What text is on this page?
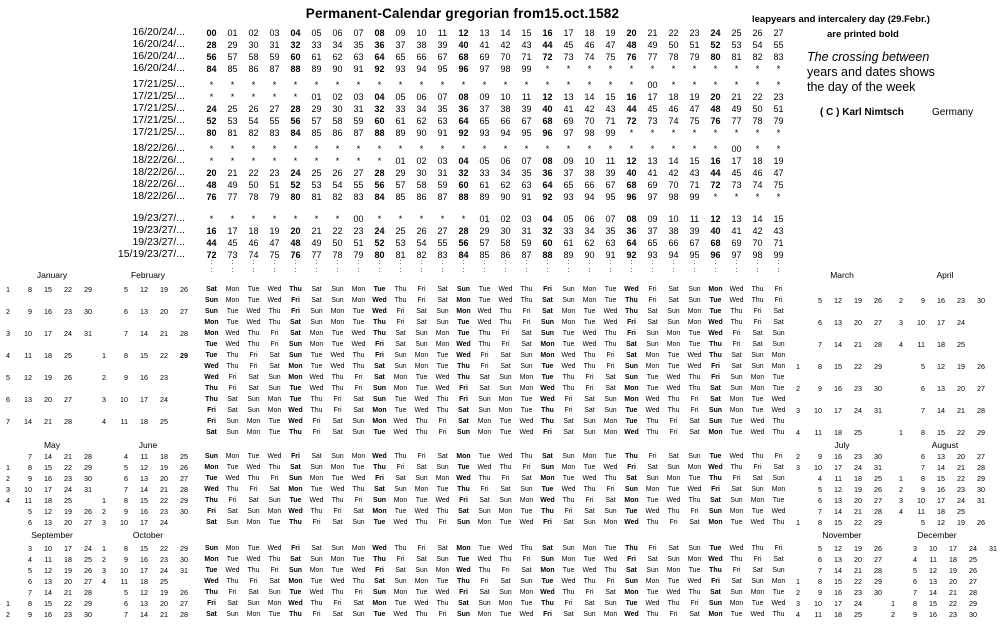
Permanent-Calendar gregorian from15.oct.1582	leapyears and intercalery day (29.Febr.)
are printed bold
The crossing between
years and dates shows
the day of the week
( C ) Karl Nimtsch	Germany
16/20/24/...	00	01	02	03	04	05	06	07	08	09	10	11	12	13	14	15	16	17	18	19	20	21	22	23	24	25	26	27
16/20/24/...	28	29	30	31	32	33	34	35	36	37	38	39	40	41	42	43	44	45	46	47	48	49	50	51	52	53	54	55
16/20/24/...	56	57	58	59	60	61	62	63	64	65	66	67	68	69	70	71	72	73	74	75	76	77	78	79	80	81	82	83
16/20/24/...	84	85	86	87	88	89	90	91	92	93	94	95	96	97	98	99	*	*	*	*	*	*	*	*	*	*	*	*
17/21/25/...	*	*	*	*	*	*	*	*	*	*	*	*	*	*	*	*	*	*	*	*	*	00	*	*	*	*	*	*
17/21/25/...	*	*	*	*	*	01	02	03	04	05	06	07	08	09	10	11	12	13	14	15	16	17	18	19	20	21	22	23
17/21/25/...	24	25	26	27	28	29	30	31	32	33	34	35	36	37	38	39	40	41	42	43	44	45	46	47	48	49	50	51
17/21/25/...	52	53	54	55	56	57	58	59	60	61	62	63	64	65	66	67	68	69	70	71	72	73	74	75	76	77	78	79
17/21/25/...	80	81	82	83	84	85	86	87	88	89	90	91	92	93	94	95	96	97	98	99	*	*	*	*	*	*	*	*
18/22/26/...	*	*	*	*	*	*	*	*	*	*	*	*	*	*	*	*	*	*	*	*	*	*	*	*	*	00	*	*
18/22/26/...	*	*	*	*	*	*	*	*	*	01	02	03	04	05	06	07	08	09	10	11	12	13	14	15	16	17	18	19
18/22/26/...	20	21	22	23	24	25	26	27	28	29	30	31	32	33	34	35	36	37	38	39	40	41	42	43	44	45	46	47
18/22/26/...	48	49	50	51	52	53	54	55	56	57	58	59	60	61	62	63	64	65	66	67	68	69	70	71	72	73	74	75
18/22/26/...	76	77	78	79	80	81	82	83	84	85	86	87	88	89	90	91	92	93	94	95	96	97	98	99	*	*	*	*
19/23/27/...	*	*	*	*	*	*	*	00	*	*	*	*	*	01	02	03	04	05	06	07	08	09	10	11	12	13	14	15
19/23/27/...	16	17	18	19	20	21	22	23	24	25	26	27	28	29	30	31	32	33	34	35	36	37	38	39	40	41	42	43
19/23/27/...	44	45	46	47	48	49	50	51	52	53	54	55	56	57	58	59	60	61	62	63	64	65	66	67	68	69	70	71
15/19/23/27/...	72	73	74	75	76	77	78	79	80	81	82	83	84	85	86	87	88	89	90	91	92	93	94	95	96	97	98	99
:	:	:	:	:	:	:	:	:	:	:	:	:	:	:	:	:	:	:	:	:	:	:	:	:	:	:	:
:	:	:	:	:	:	:	:	:	:	:	:	:	:	:	:	:	:	:	:	:	:	:	:	:	:	:	:
Sat	Mon	Tue	Wed	Thu	Sat	Sun	Mon	Tue	Thu	Fri	Sat	Sun	Tue	Wed	Thu	Fri	Sun	Mon	Tue	Wed	Fri	Sat	Sun	Mon Wed	Thu	Fri
Sun	Mon	Tue	Wed	Fri	Sat	Sun	Mon	Wed	Thu	Fri	Sat	Mon	Tue	Wed	Thu	Sat	Sun	Mon	Tue	Thu	Fri	Sat	Sun	Tue	Wed	Thu	Fri
Sun	Tue	Wed	Thu	Fri	Sun	Mon	Tue	Wed	Fri	Sat	Sun	Mon Wed	Thu	Fri	Sat	Mon	Tue	Wed	Thu	Sat	Sun	Mon	Tue	Thu	Fri	Sat
Mon	Tue	Wed	Thu	Sat	Sun	Mon	Tue	Thu	Fri	Sat	Sun	Tue	Wed	Thu	Fri	Sun	Mon	Tue	Wed	Fri	Sat	Sun	Mon	Wed	Thu	Fri	Sat
Mon Wed	Thu	Fri	Sat	Mon	Tue	Wed	Thu	Sat	Sun	Mon	Tue	Thu	Fri	Sat	Sun	Tue	Wed	Thu	Fri	Sun	Mon	Tue	Wed	Fri	Sat	Sun
Tue	Wed	Thu	Fri	Sun	Mon	Tue	Wed	Fri	Sat	Sun	Mon	Wed	Thu	Fri	Sat	Mon	Tue	Wed	Thu	Sat	Sun	Mon	Tue	Thu	Fri	Sat	Sun
Tue	Thu	Fri	Sat	Sun	Tue	Wed	Thu	Fri	Sun	Mon	Tue	Wed	Fri	Sat	Sun	Mon Wed	Thu	Fri	Sat	Mon	Tue	Wed	Thu	Sat	Sun	Mon
Wed	Thu	Fri	Sat	Mon	Tue	Wed	Thu	Sat	Sun	Mon	Tue	Thu	Fri	Sat	Sun	Tue	Wed	Thu	Fri	Sun	Mon	Tue	Wed	Fri	Sat	Sun	Mon
Wed	Fri	Sat	Sun	Mon Wed	Thu	Fri	Sat	Mon	Tue	Wed	Thu	Sat	Sun	Mon	Tue	Thu	Fri	Sat	Sun	Tue	Wed	Thu	Fri	Sun	Mon	Tue
Thu	Fri	Sat	Sun	Tue	Wed	Thu	Fri	Sun	Mon	Tue	Wed	Fri	Sat	Sun	Mon	Wed	Thu	Fri	Sat	Mon	Tue	Wed	Thu	Sat	Sun	Mon	Tue
Thu	Sat	Sun	Mon	Tue	Thu	Fri	Sat	Sun	Tue	Wed	Thu	Fri	Sun	Mon	Tue	Wed	Fri	Sat	Sun	Mon Wed	Thu	Fri	Sat	Mon	Tue	Wed
Fri	Sat	Sun	Mon	Wed	Thu	Fri	Sat	Mon	Tue	Wed	Thu	Sat	Sun	Mon	Tue	Thu	Fri	Sat	Sun	Tue	Wed	Thu	Fri	Sun	Mon	Tue	Wed
Fri	Sun	Mon	Tue	Wed	Fri	Sat	Sun	Mon Wed	Thu	Fri	Sat	Mon	Tue	Wed	Thu	Sat	Sun	Mon	Tue	Thu	Fri	Sat	Sun	Tue	Wed	Thu
Sat	Sun	Mon	Tue	Thu	Fri	Sat	Sun	Tue	Wed	Thu	Fri	Sun	Mon	Tue	Wed	Fri	Sat	Sun	Mon	Wed	Thu	Fri	Sat	Mon	Tue	Wed	Thu
Sun	Mon	Tue	Wed	Fri	Sat	Sun	Mon	Wed	Thu	Fri	Sat	Mon	Tue	Wed	Thu	Sat	Sun	Mon	Tue	Thu	Fri	Sat	Sun	Tue	Wed	Thu	Fri
Mon	Tue	Wed	Thu	Sat	Sun	Mon	Tue	Thu	Fri	Sat	Sun	Tue	Wed	Thu	Fri	Sun	Mon	Tue	Wed	Fri	Sat	Sun	Mon	Wed	Thu	Fri	Sat
Tue	Wed	Thu	Fri	Sun	Mon	Tue	Wed	Fri	Sat	Sun	Mon	Wed	Thu	Fri	Sat	Mon	Tue	Wed	Thu	Sat	Sun	Mon	Tue	Thu	Fri	Sat	Sun
Wed	Thu	Fri	Sat	Mon	Tue	Wed	Thu	Sat	Sun	Mon	Tue	Thu	Fri	Sat	Sun	Tue	Wed	Thu	Fri	Sun	Mon	Tue	Wed	Fri	Sat	Sun	Mon
Thu	Fri	Sat	Sun	Tue	Wed	Thu	Fri	Sun	Mon	Tue	Wed	Fri	Sat	Sun	Mon	Wed	Thu	Fri	Sat	Mon	Tue	Wed	Thu	Sat	Sun	Mon	Tue
Fri	Sat	Sun	Mon	Wed	Thu	Fri	Sat	Mon	Tue	Wed	Thu	Sat	Sun	Mon	Tue	Thu	Fri	Sat	Sun	Tue	Wed	Thu	Fri	Sun	Mon	Tue	Wed
Sat	Sun	Mon	Tue	Thu	Fri	Sat	Sun	Tue	Wed	Thu	Fri	Sun	Mon	Tue	Wed	Fri	Sat	Sun	Mon	Wed	Thu	Fri	Sat	Mon	Tue	Wed	Thu
Sun	Mon	Tue	Wed	Fri	Sat	Sun	Mon	Wed	Thu	Fri	Sat	Mon	Tue	Wed	Thu	Sat	Sun	Mon	Tue	Thu	Fri	Sat	Sun	Tue	Wed	Thu	Fri
Mon	Tue	Wed	Thu	Sat	Sun	Mon	Tue	Thu	Fri	Sat	Sun	Tue	Wed	Thu	Fri	Sun	Mon	Tue	Wed	Fri	Sat	Sun	Mon	Wed	Thu	Fri	Sat
Tue	Wed	Thu	Fri	Sun	Mon	Tue	Wed	Fri	Sat	Sun	Mon	Wed	Thu	Fri	Sat	Mon	Tue	Wed	Thu	Sat	Sun	Mon	Tue	Thu	Fri	Sat	Sun
Wed	Thu	Fri	Sat	Mon	Tue	Wed	Thu	Sat	Sun	Mon	Tue	Thu	Fri	Sat	Sun	Tue	Wed	Thu	Fri	Sun	Mon	Tue	Wed	Fri	Sat	Sun	Mon
Thu	Fri	Sat	Sun	Tue	Wed	Thu	Fri	Sun	Mon	Tue	Wed	Fri	Sat	Sun	Mon	Wed	Thu	Fri	Sat	Mon	Tue	Wed	Thu	Sat	Sun	Mon	Tue
Fri	Sat	Sun	Mon	Wed	Thu	Fri	Sat	Mon	Tue	Wed	Thu	Sat	Sun	Mon	Tue	Thu	Fri	Sat	Sun	Tue	Wed	Thu	Fri	Sun	Mon	Tue	Wed
Sat	Sun	Mon	Tue	Thu	Fri	Sat	Sun	Tue	Wed	Thu	Fri	Sun	Mon	Tue	Wed	Fri	Sat	Sun	Mon	Wed	Thu	Fri	Sat	Mon	Tue	Wed	Thu
January
1	8	15	22	29
2	9	16	23	30
3	10	17	24	31
4	11	18	25
5	12	19	26
6	13	20	27
7	14	21	28
February
5	12	19	26
6	13	20	27
7	14	21	28
1	8	15	22	29
2	9	16	23
3	10	17	24
4	11	18	25
March
5	12	19	26
6	13	20	27
7	14	21	28
1	8	15	22	29
2	9	16	23	30
3	10	17	24	31
4	11	18	25
April
2	9	16	23	30
3	10	17	24
4	11	18	25
5	12	19	26
6	13	20	27
7	14	21	28
1	8	15	22	29
May
7	14	21	28
1	8	15	22	29
2	9	16	23	30
3	10	17	24	31
4	11	18	25
5	12	19	26
6	13	20	27
June
4	11	18	25
5	12	19	26
6	13	20	27
7	14	21	28
1	8	15	22	29
2	9	16	23	30
3	10	17	24
July
2	9	16	23	30
3	10	17	24	31
4	11	18	25
5	12	19	26
6	13	20	27
7	14	21	28
1	8	15	22	29
August
6	13	20	27
7	14	21	28
1	8	15	22	29
2	9	16	23	30
3	10	17	24	31
4	11	18	25
5	12	19	26
September
3	10	17	24
4	11	18	25
5	12	19	26
6	13	20	27
7	14	21	28
1	8	15	22	29
2	9	16	23	30
October
1	8	15	22	29
2	9	16	23	30
3	10	17	24	31
4	11	18	25
5	12	19	26
6	13	20	27
7	14	21	28
November
5	12	19	26
6	13	20	27
7	14	21	28
1	8	15	22	29
2	9	16	23	30
3	10	17	24
4	11	18	25
December
3	10	17	24	31
4	11	18	25
5	12	19	26
6	13	20	27
7	14	21	28
1	8	15	22	29
2	9	16	23	30
